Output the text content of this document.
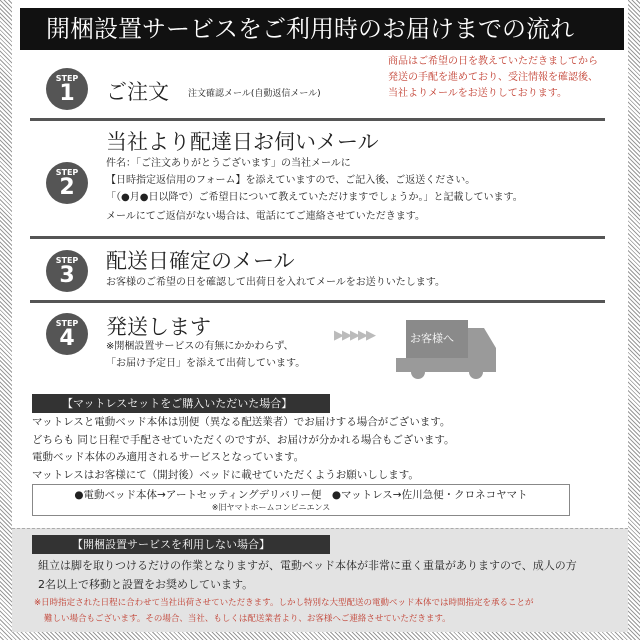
開梱設置サービスをご利用時のお届けまでの流れ
商品はご希望の日を教えていただきましてから
発送の手配を進めており、受注情報を確認後、
当社よりメールをお送りしております。
STEP
1	ご注文 注文確認メール(自動返信メール)
STEP
2
当社より配達日お伺いメール
件名：「ご注文ありがとうございます」の当社メールに
【日時指定返信用のフォーム】を添えていますので、ご記入後、ご返送ください。
「（●月●日以降で）ご希望日について教えていただけますでしょうか。」と記載しています。
メールにてご返信がない場合は、電話にてご連絡させていただきます。
STEP
3
配送日確定のメール
お客様のご希望の日を確認して出荷日を入れてメールをお送りいたします。
STEP
4	発送します
※開梱設置サービスの有無にかかわらず、
「お届け予定日」を添えて出荷しています。
▶▶▶▶▶	お客様へ
【マットレスセットをご購入いただいた場合】
マットレスと電動ベッド本体は別便（異なる配送業者）でお届けする場合がございます。
どちらも 同じ日程で手配させていただくのですが、お届けが分かれる場合もございます。
電動ベッド本体のみ適用されるサービスとなっています。
マットレスはお客様にて（開封後）ベッドに載せていただくようお願いしします。
●電動ベッド本体→アートセッティングデリバリー便　●マットレス→佐川急便・クロネコヤマト
※旧ヤマトホームコンビニエンス
【開梱設置サービスを利用しない場合】
組立は脚を取りつけるだけの作業となりますが、電動ベッド本体が非常に重く重量がありますので、成人の方
2名以上で移動と設置をお奨めしています。
※日時指定された日程に合わせて当社出荷させていただきます。しかし特別な大型配送の電動ベッド本体では時間指定を承ることが
難しい場合もございます。その場合、当社、もしくは配送業者より、お客様へご連絡させていただきます。
